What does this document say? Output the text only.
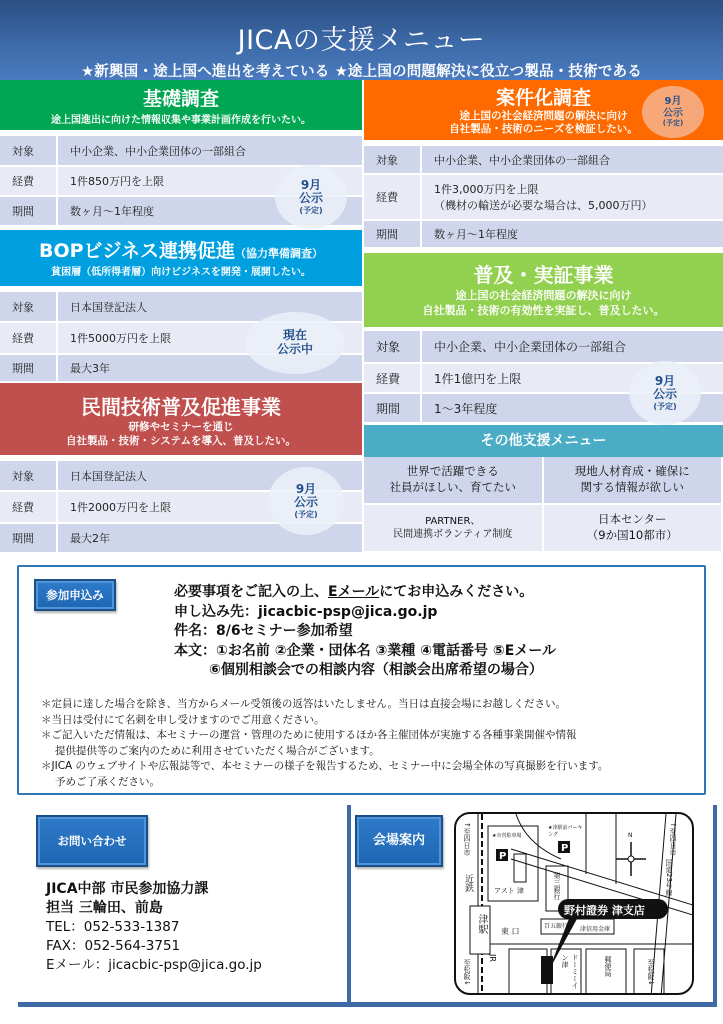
JICAの支援メニュー
★新興国・途上国へ進出を考えている ★途上国の問題解決に役立つ製品・技術である
基礎調査
途上国進出に向けた情報収集や事業計画作成を行いたい。
対象	中小企業、中小企業団体の一部組合
経費	1件850万円を上限
期間	数ヶ月〜1年程度
9月
公示
(予定)
案件化調査
途上国の社会経済問題の解決に向け
自社製品・技術のニーズを検証したい。
9月
公示
(予定)
対象	中小企業、中小企業団体の一部組合
経費	1件3,000万円を上限
（機材の輸送が必要な場合は、5,000万円）

期間	数ヶ月〜1年程度
BOPビジネス連携促進（協力準備調査）
貧困層（低所得者層）向けビジネスを開発・展開したい。
対象	日本国登記法人
経費	1件5000万円を上限
期間	最大3年
現在
公示中
普及・実証事業
途上国の社会経済問題の解決に向け
自社製品・技術の有効性を実証し、普及したい。
対象	中小企業、中小企業団体の一部組合
経費	1件1億円を上限
期間	1〜3年程度
9月
公示
(予定)
民間技術普及促進事業
研修やセミナーを通じ
自社製品・技術・システムを導入、普及したい。
対象	日本国登記法人
経費	1件2000万円を上限
期間	最大2年
9月
公示
(予定)
その他支援メニュー
世界で活躍できる
社員がほしい、育てたい
現地人材育成・確保に
関する情報が欲しい
PARTNER、
民間連携ボランティア制度
日本センター
（9か国10都市）
参加申込み	必要事項をご記入の上、Eメールにてお申込みください。
申し込み先：jicacbic-psp@jica.go.jp
件名：8/6セミナー参加希望
本文：①お名前 ②企業・団体名 ③業種 ④電話番号 ⑤Eメール
⑥個別相談会での相談内容（相談会出席希望の場合）
＊定員に達した場合を除き、当方からメール受領後の返答はいたしません。当日は直接会場にお越しください。
＊当日は受付にて名刺を申し受けますのでご用意ください。
＊ご記入いただ情報は、本セミナーの運営・管理のために使用するほか各主催団体が実施する各種事業開催や情報
提供提供等のご案内のために利用させていただく場合がございます。
＊JICA のウェブサイトや広報誌等で、本セミナーの様子を報告するため、セミナー中に会場全体の写真撮影を行います。
予めご了承ください。
お問い合わせ
JICA中部 市民参加協力課
担当 三輪田、前島
TEL：052-533-1387
FAX：052-564-3751
Eメール：jicacbic-psp@jica.go.jp
会場案内
P
P
野村證券 津支店
N
↑至四日市
近鉄
津駅
JR
至松阪↓
アスト 津
東 口
★市営駐車場
★津駅前パーキング
第三銀行
百五銀行 津信用金庫
ドーミーイン津	郵便局	至松阪↓
↑至四日市
国道23号線
